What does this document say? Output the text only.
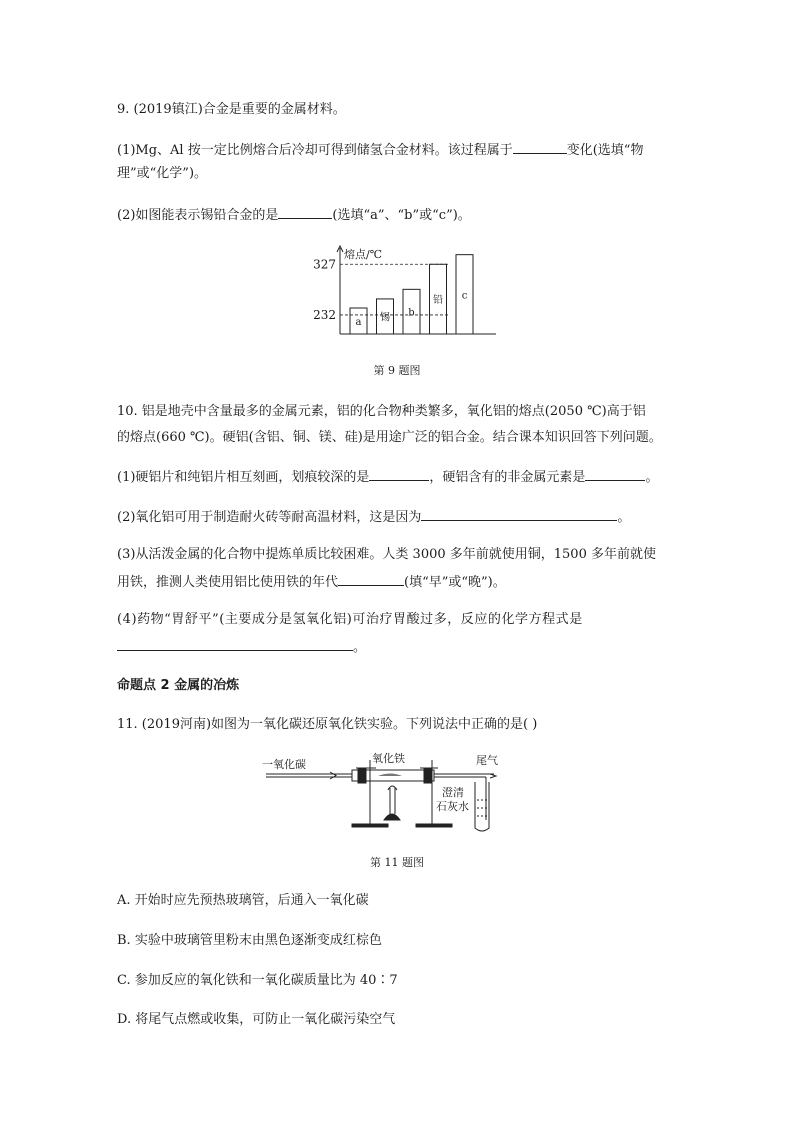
9. (2019镇江)合金是重要的金属材料。
(1)Mg、Al 按一定比例熔合后冷却可得到储氢合金材料。该过程属于	变化(选填“物
理”或“化学”)。
(2)如图能表示锡铅合金的是	(选填“a”、“b”或“c”)。
熔点/℃
a 锡 b
铅 c
232
327
第 9 题图
10. 铝是地壳中含量最多的金属元素，铝的化合物种类繁多，氧化铝的熔点(2050 ℃)高于铝
的熔点(660 ℃)。硬铝(含铝、铜、镁、硅)是用途广泛的铝合金。结合课本知识回答下列问题。
(1)硬铝片和纯铝片相互刻画，划痕较深的是	，硬铝含有的非金属元素是	。
(2)氧化铝可用于制造耐火砖等耐高温材料，这是因为	。
(3)从活泼金属的化合物中提炼单质比较困难。人类 3000 多年前就使用铜，1500 多年前就使
用铁，推测人类使用铝比使用铁的年代	(填“早”或“晚”)。
(4)药物“胃舒平”(主要成分是氢氧化铝)可治疗胃酸过多，反应的化学方程式是
。
命题点 2 金属的冶炼
11. (2019河南)如图为一氧化碳还原氧化铁实验。下列说法中正确的是( )
一氧化碳	氧化铁	尾气
澄清
石灰水
第 11 题图
A. 开始时应先预热玻璃管，后通入一氧化碳
B. 实验中玻璃管里粉末由黑色逐渐变成红棕色
C. 参加反应的氧化铁和一氧化碳质量比为 40∶7
D. 将尾气点燃或收集，可防止一氧化碳污染空气
